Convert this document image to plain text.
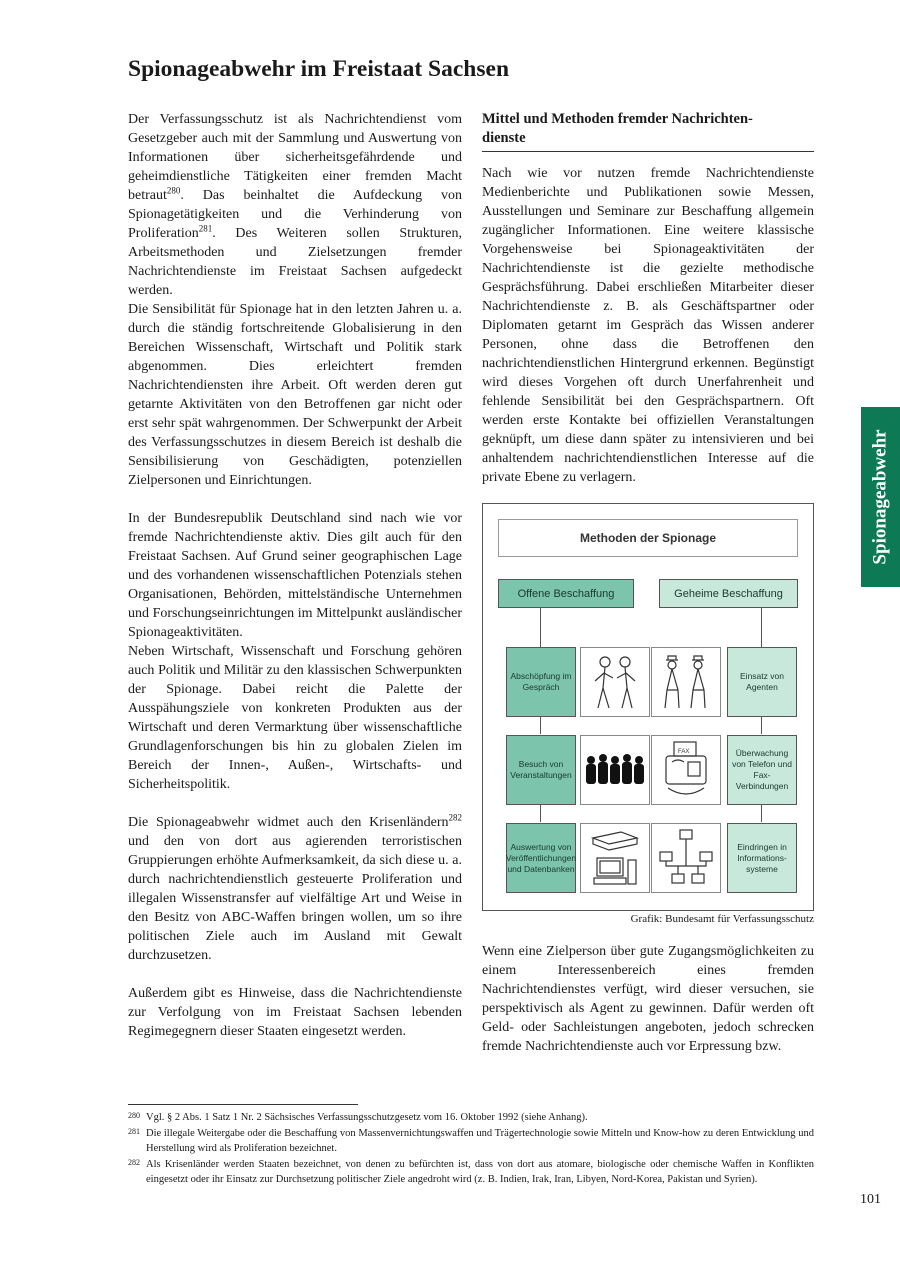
Spionageabwehr im Freistaat Sachsen

Der Verfassungsschutz ist als Nachrichtendienst vom Gesetzgeber auch mit der Sammlung und Auswertung von Informationen über sicherheitsgefährdende und geheimdienstliche Tätigkeiten einer fremden Macht betraut$^{280}$. Das beinhaltet die Aufdeckung von Spionagetätigkeiten und die Verhinderung von Proliferation$^{281}$. Des Weiteren sollen Strukturen, Arbeitsmethoden und Zielsetzungen fremder Nachrichtendienste im Freistaat Sachsen aufgedeckt werden.

Die Sensibilität für Spionage hat in den letzten Jahren u. a. durch die ständig fortschreitende Globalisierung in den Bereichen Wissenschaft, Wirtschaft und Politik stark abgenommen. Dies erleichtert fremden Nachrichtendiensten ihre Arbeit. Oft werden deren gut getarnte Aktivitäten von den Betroffenen gar nicht oder erst sehr spät wahrgenommen. Der Schwerpunkt der Arbeit des Verfassungsschutzes in diesem Bereich ist deshalb die Sensibilisierung von Geschädigten, potenziellen Zielpersonen und Einrichtungen.

In der Bundesrepublik Deutschland sind nach wie vor fremde Nachrichtendienste aktiv. Dies gilt auch für den Freistaat Sachsen. Auf Grund seiner geographischen Lage und des vorhandenen wissenschaftlichen Potenzials stehen Organisationen, Behörden, mittelständische Unternehmen und Forschungseinrichtungen im Mittelpunkt ausländischer Spionageaktivitäten.

Neben Wirtschaft, Wissenschaft und Forschung gehören auch Politik und Militär zu den klassischen Schwerpunkten der Spionage. Dabei reicht die Palette der Ausspähungsziele von konkreten Produkten aus der Wirtschaft und deren Vermarktung über wissenschaftliche Grundlagenforschungen bis hin zu globalen Zielen im Bereich der Innen-, Außen-, Wirtschafts- und Sicherheitspolitik.

Die Spionageabwehr widmet auch den Krisenländern$^{282}$ und den von dort aus agierenden terroristischen Gruppierungen erhöhte Aufmerksamkeit, da sich diese u. a. durch nachrichtendienstlich gesteuerte Proliferation und illegalen Wissenstransfer auf vielfältige Art und Weise in den Besitz von ABC-Waffen bringen wollen, um so ihre politischen Ziele auch im Ausland mit Gewalt durchzusetzen.

Außerdem gibt es Hinweise, dass die Nachrichtendienste zur Verfolgung von im Freistaat Sachsen lebenden Regimegegnern dieser Staaten eingesetzt werden.

Mittel und Methoden fremder Nachrichten-
dienste

Nach wie vor nutzen fremde Nachrichtendienste Medienberichte und Publikationen sowie Messen, Ausstellungen und Seminare zur Beschaffung allgemein zugänglicher Informationen. Eine weitere klassische Vorgehensweise bei Spionageaktivitäten der Nachrichtendienste ist die gezielte methodische Gesprächsführung. Dabei erschließen Mitarbeiter dieser Nachrichtendienste z. B. als Geschäftspartner oder Diplomaten getarnt im Gespräch das Wissen anderer Personen, ohne dass die Betroffenen den nachrichtendienstlichen Hintergrund erkennen. Begünstigt wird dieses Vorgehen oft durch Unerfahrenheit und fehlende Sensibilität bei den Gesprächspartnern. Oft werden erste Kontakte bei offiziellen Veranstaltungen geknüpft, um diese dann später zu intensivieren und bei anhaltendem nachrichtendienstlichen Interesse auf die private Ebene zu verlagern.

Methoden der Spionage
Offene Beschaffung	Geheime Beschaffung
Abschöpfung im Gespräch
Besuch von Veranstaltungen
Auswertung von Veröffentlichungen und Datenbanken
Einsatz von Agenten
Überwachung von Telefon und Fax-Verbindungen
Eindringen in Informations-systeme
FAX
Grafik: Bundesamt für Verfassungsschutz

Wenn eine Zielperson über gute Zugangsmöglichkeiten zu einem Interessenbereich eines fremden Nachrichtendienstes verfügt, wird dieser versuchen, sie perspektivisch als Agent zu gewinnen. Dafür werden oft Geld- oder Sachleistungen angeboten, jedoch schrecken fremde Nachrichtendienste auch vor Erpressung bzw.

Spionageabwehr
280 Vgl. § 2 Abs. 1 Satz 1 Nr. 2 Sächsisches Verfassungsschutzgesetz vom 16. Oktober 1992 (siehe Anhang).
281 Die illegale Weitergabe oder die Beschaffung von Massenvernichtungswaffen und Trägertechnologie sowie Mitteln und Know-how zu deren Entwicklung und Herstellung wird als Proliferation bezeichnet.
282 Als Krisenländer werden Staaten bezeichnet, von denen zu befürchten ist, dass von dort aus atomare, biologische oder chemische Waffen in Konflikten eingesetzt oder ihr Einsatz zur Durchsetzung politischer Ziele angedroht wird (z. B. Indien, Irak, Iran, Libyen, Nord-Korea, Pakistan und Syrien).
101
